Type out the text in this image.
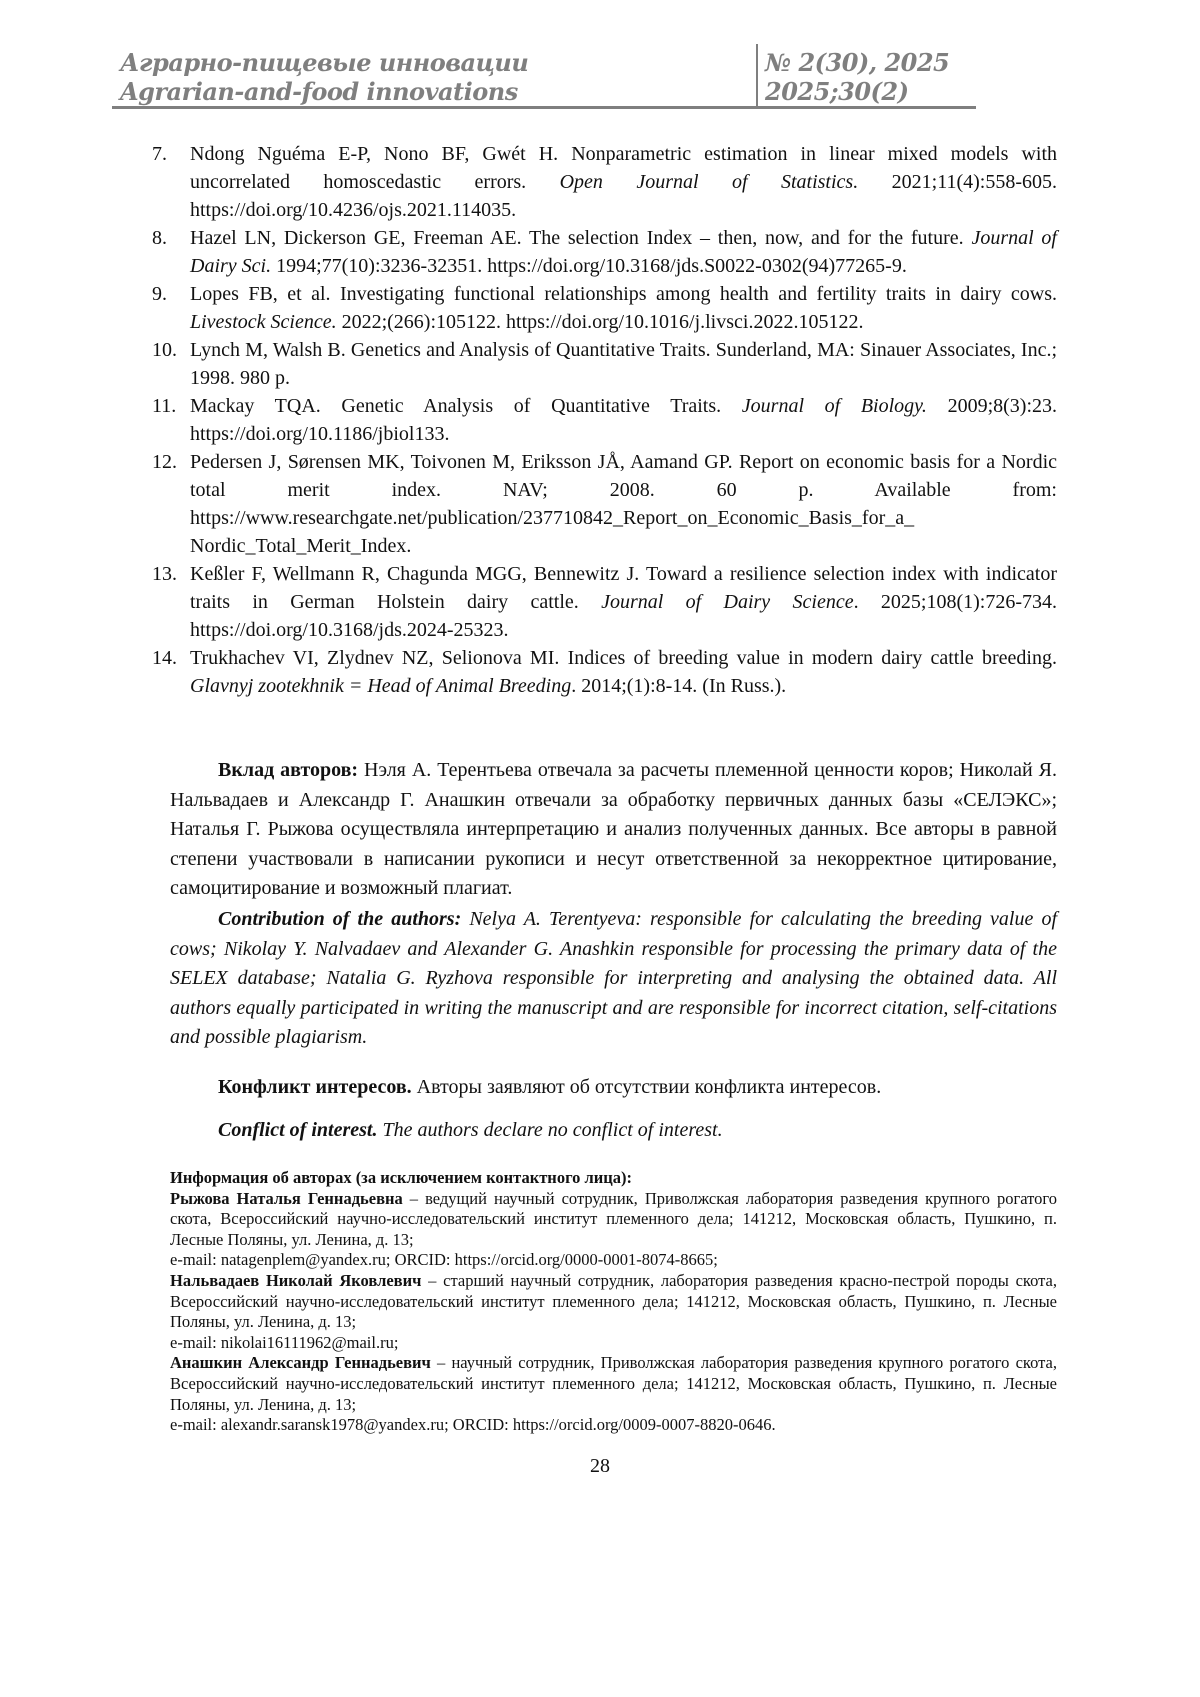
Аграрно-пищевые инновации
Agrarian-and-food innovations
№ 2(30), 2025
2025;30(2)
7.	Ndong Nguéma E-P, Nono BF, Gwét H. Nonparametric estimation in linear mixed models with uncorrelated homoscedastic errors. Open Journal of Statistics. 2021;11(4):558-605. https://doi.org/10.4236/ojs.2021.114035.
8.	Hazel LN, Dickerson GE, Freeman AE. The selection Index – then, now, and for the future. Journal of Dairy Sci. 1994;77(10):3236-32351. https://doi.org/10.3168/jds.S0022-0302(94)77265-9.
9.	Lopes FB, et al. Investigating functional relationships among health and fertility traits in dairy cows. Livestock Science. 2022;(266):105122. https://doi.org/10.1016/j.livsci.2022.105122.
10. Lynch M, Walsh B. Genetics and Analysis of Quantitative Traits. Sunderland, MA: Sinauer Associates, Inc.; 1998. 980 p.
11. Mackay TQA. Genetic Analysis of Quantitative Traits. Journal of Biology. 2009;8(3):23. https://doi.org/10.1186/jbiol133.
12. Pedersen J, Sørensen MK, Toivonen M, Eriksson JÅ, Aamand GP. Report on economic basis for a Nordic total merit index. NAV; 2008. 60 p. Available from: https://www.researchgate.net/publication/237710842_Report_on_Economic_Basis_for_a_ Nordic_Total_Merit_Index.
13. Keßler F, Wellmann R, Chagunda MGG, Bennewitz J. Toward a resilience selection index with indicator traits in German Holstein dairy cattle. Journal of Dairy Science. 2025;108(1):726-734. https://doi.org/10.3168/jds.2024-25323.
14. Trukhachev VI, Zlydnev NZ, Selionova MI. Indices of breeding value in modern dairy cattle breeding. Glavnyj zootekhnik = Head of Animal Breeding. 2014;(1):8-14. (In Russ.).
Вклад авторов: Нэля А. Терентьева отвечала за расчеты племенной ценности коров; Николай Я. Нальвадаев и Александр Г. Анашкин отвечали за обработку первичных данных базы «СЕЛЭКС»; Наталья Г. Рыжова осуществляла интерпретацию и анализ полученных данных. Все авторы в равной степени участвовали в написании рукописи и несут ответственной за некорректное цитирование, самоцитирование и возможный плагиат.
Contribution of the authors: Nelya A. Terentyeva: responsible for calculating the breeding value of cows; Nikolay Y. Nalvadaev and Alexander G. Anashkin responsible for processing the primary data of the SELEX database; Natalia G. Ryzhova responsible for interpreting and analysing the obtained data. All authors equally participated in writing the manuscript and are responsible for incorrect citation, self-citations and possible plagiarism.
Конфликт интересов. Авторы заявляют об отсутствии конфликта интересов.
Conflict of interest. The authors declare no conflict of interest.
Информация об авторах (за исключением контактного лица):
Рыжова Наталья Геннадьевна – ведущий научный сотрудник, Приволжская лаборатория разведения крупного рогатого скота, Всероссийский научно-исследовательский институт племенного дела; 141212, Московская область, Пушкино, п. Лесные Поляны, ул. Ленина, д. 13;
e-mail: natagenplem@yandex.ru; ORCID: https://orcid.org/0000-0001-8074-8665;
Нальвадаев Николай Яковлевич – старший научный сотрудник, лаборатория разведения красно-пестрой породы скота, Всероссийский научно-исследовательский институт племенного дела; 141212, Московская область, Пушкино, п. Лесные Поляны, ул. Ленина, д. 13;
e-mail: nikolai16111962@mail.ru;
Анашкин Александр Геннадьевич – научный сотрудник, Приволжская лаборатория разведения крупного рогатого скота, Всероссийский научно-исследовательский институт племенного дела; 141212, Московская область, Пушкино, п. Лесные Поляны, ул. Ленина, д. 13;
e-mail: alexandr.saransk1978@yandex.ru; ORCID: https://orcid.org/0009-0007-8820-0646.
28
